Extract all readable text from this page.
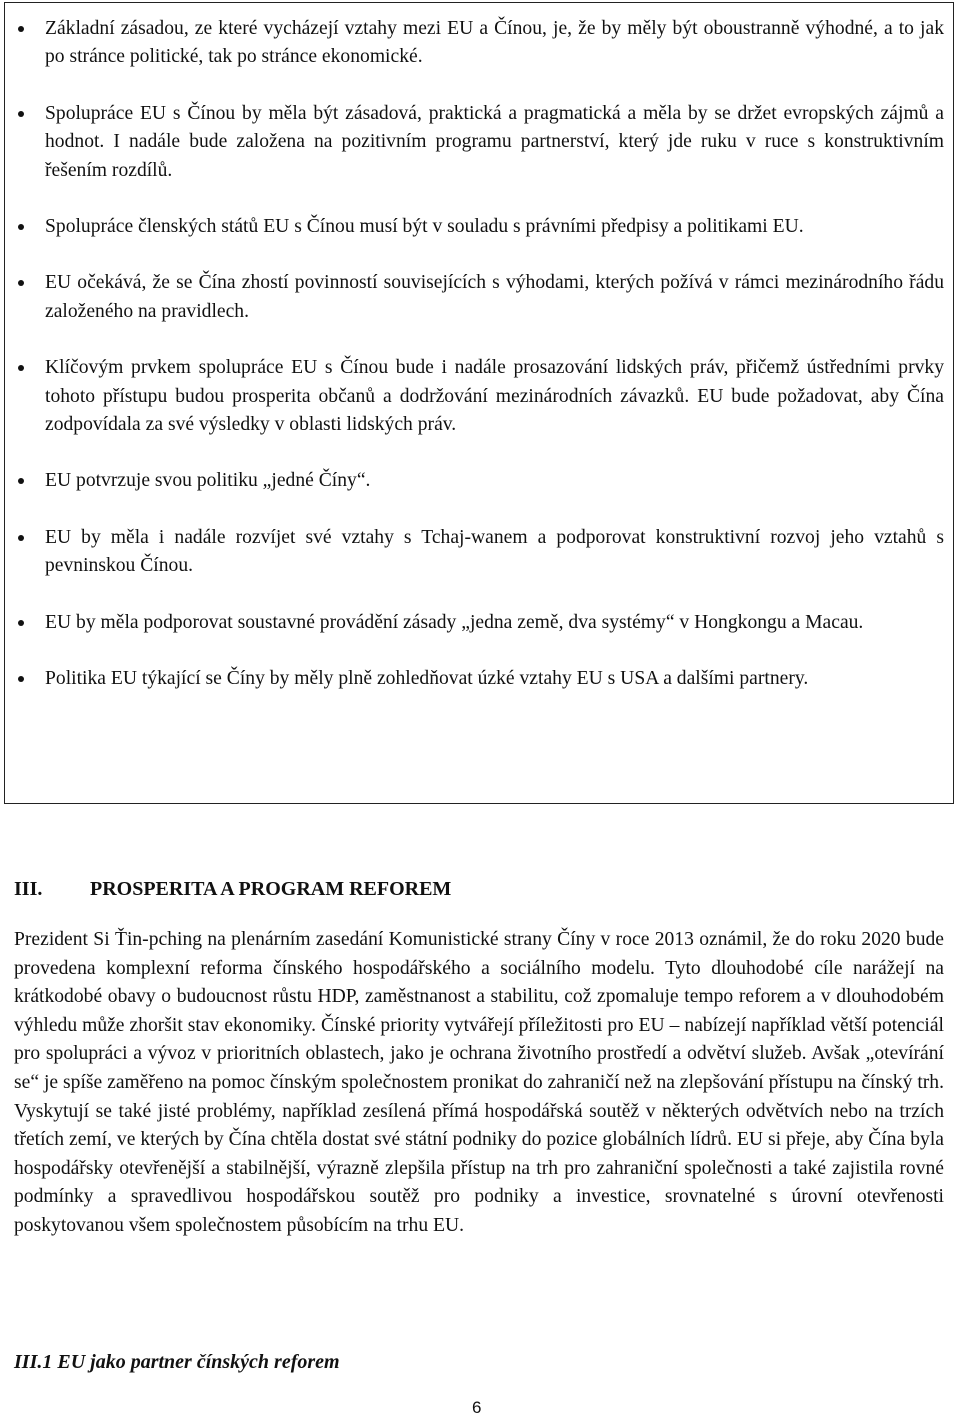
Základní zásadou, ze které vycházejí vztahy mezi EU a Čínou, je, že by měly být oboustranně výhodné, a to jak po stránce politické, tak po stránce ekonomické.
Spolupráce EU s Čínou by měla být zásadová, praktická a pragmatická a měla by se držet evropských zájmů a hodnot. I nadále bude založena na pozitivním programu partnerství, který jde ruku v ruce s konstruktivním řešením rozdílů.
Spolupráce členských států EU s Čínou musí být v souladu s právními předpisy a politikami EU.
EU očekává, že se Čína zhostí povinností souvisejících s výhodami, kterých požívá v rámci mezinárodního řádu založeného na pravidlech.
Klíčovým prvkem spolupráce EU s Čínou bude i nadále prosazování lidských práv, přičemž ústředními prvky tohoto přístupu budou prosperita občanů a dodržování mezinárodních závazků. EU bude požadovat, aby Čína zodpovídala za své výsledky v oblasti lidských práv.
EU potvrzuje svou politiku „jedné Číny“.
EU by měla i nadále rozvíjet své vztahy s Tchaj-wanem a podporovat konstruktivní rozvoj jeho vztahů s pevninskou Čínou.
EU by měla podporovat soustavné provádění zásady „jedna země, dva systémy“ v Hongkongu a Macau.
Politika EU týkající se Číny by měly plně zohledňovat úzké vztahy EU s USA a dalšími partnery.
III. PROSPERITA A PROGRAM REFOREM

Prezident Si Ťin-pching na plenárním zasedání Komunistické strany Číny v roce 2013 oznámil, že do roku 2020 bude provedena komplexní reforma čínského hospodářského a sociálního modelu. Tyto dlouhodobé cíle narážejí na krátkodobé obavy o budoucnost růstu HDP, zaměstnanost a stabilitu, což zpomaluje tempo reforem a v dlouhodobém výhledu může zhoršit stav ekonomiky. Čínské priority vytvářejí příležitosti pro EU – nabízejí například větší potenciál pro spolupráci a vývoz v prioritních oblastech, jako je ochrana životního prostředí a odvětví služeb. Avšak „otevírání se“ je spíše zaměřeno na pomoc čínským společnostem pronikat do zahraničí než na zlepšování přístupu na čínský trh. Vyskytují se také jisté problémy, například zesílená přímá hospodářská soutěž v některých odvětvích nebo na trzích třetích zemí, ve kterých by Čína chtěla dostat své státní podniky do pozice globálních lídrů. EU si přeje, aby Čína byla hospodářsky otevřenější a stabilnější, výrazně zlepšila přístup na trh pro zahraniční společnosti a také zajistila rovné podmínky a spravedlivou hospodářskou soutěž pro podniky a investice, srovnatelné s úrovní otevřenosti poskytovanou všem společnostem působícím na trhu EU.

III.1 EU jako partner čínských reforem
6
